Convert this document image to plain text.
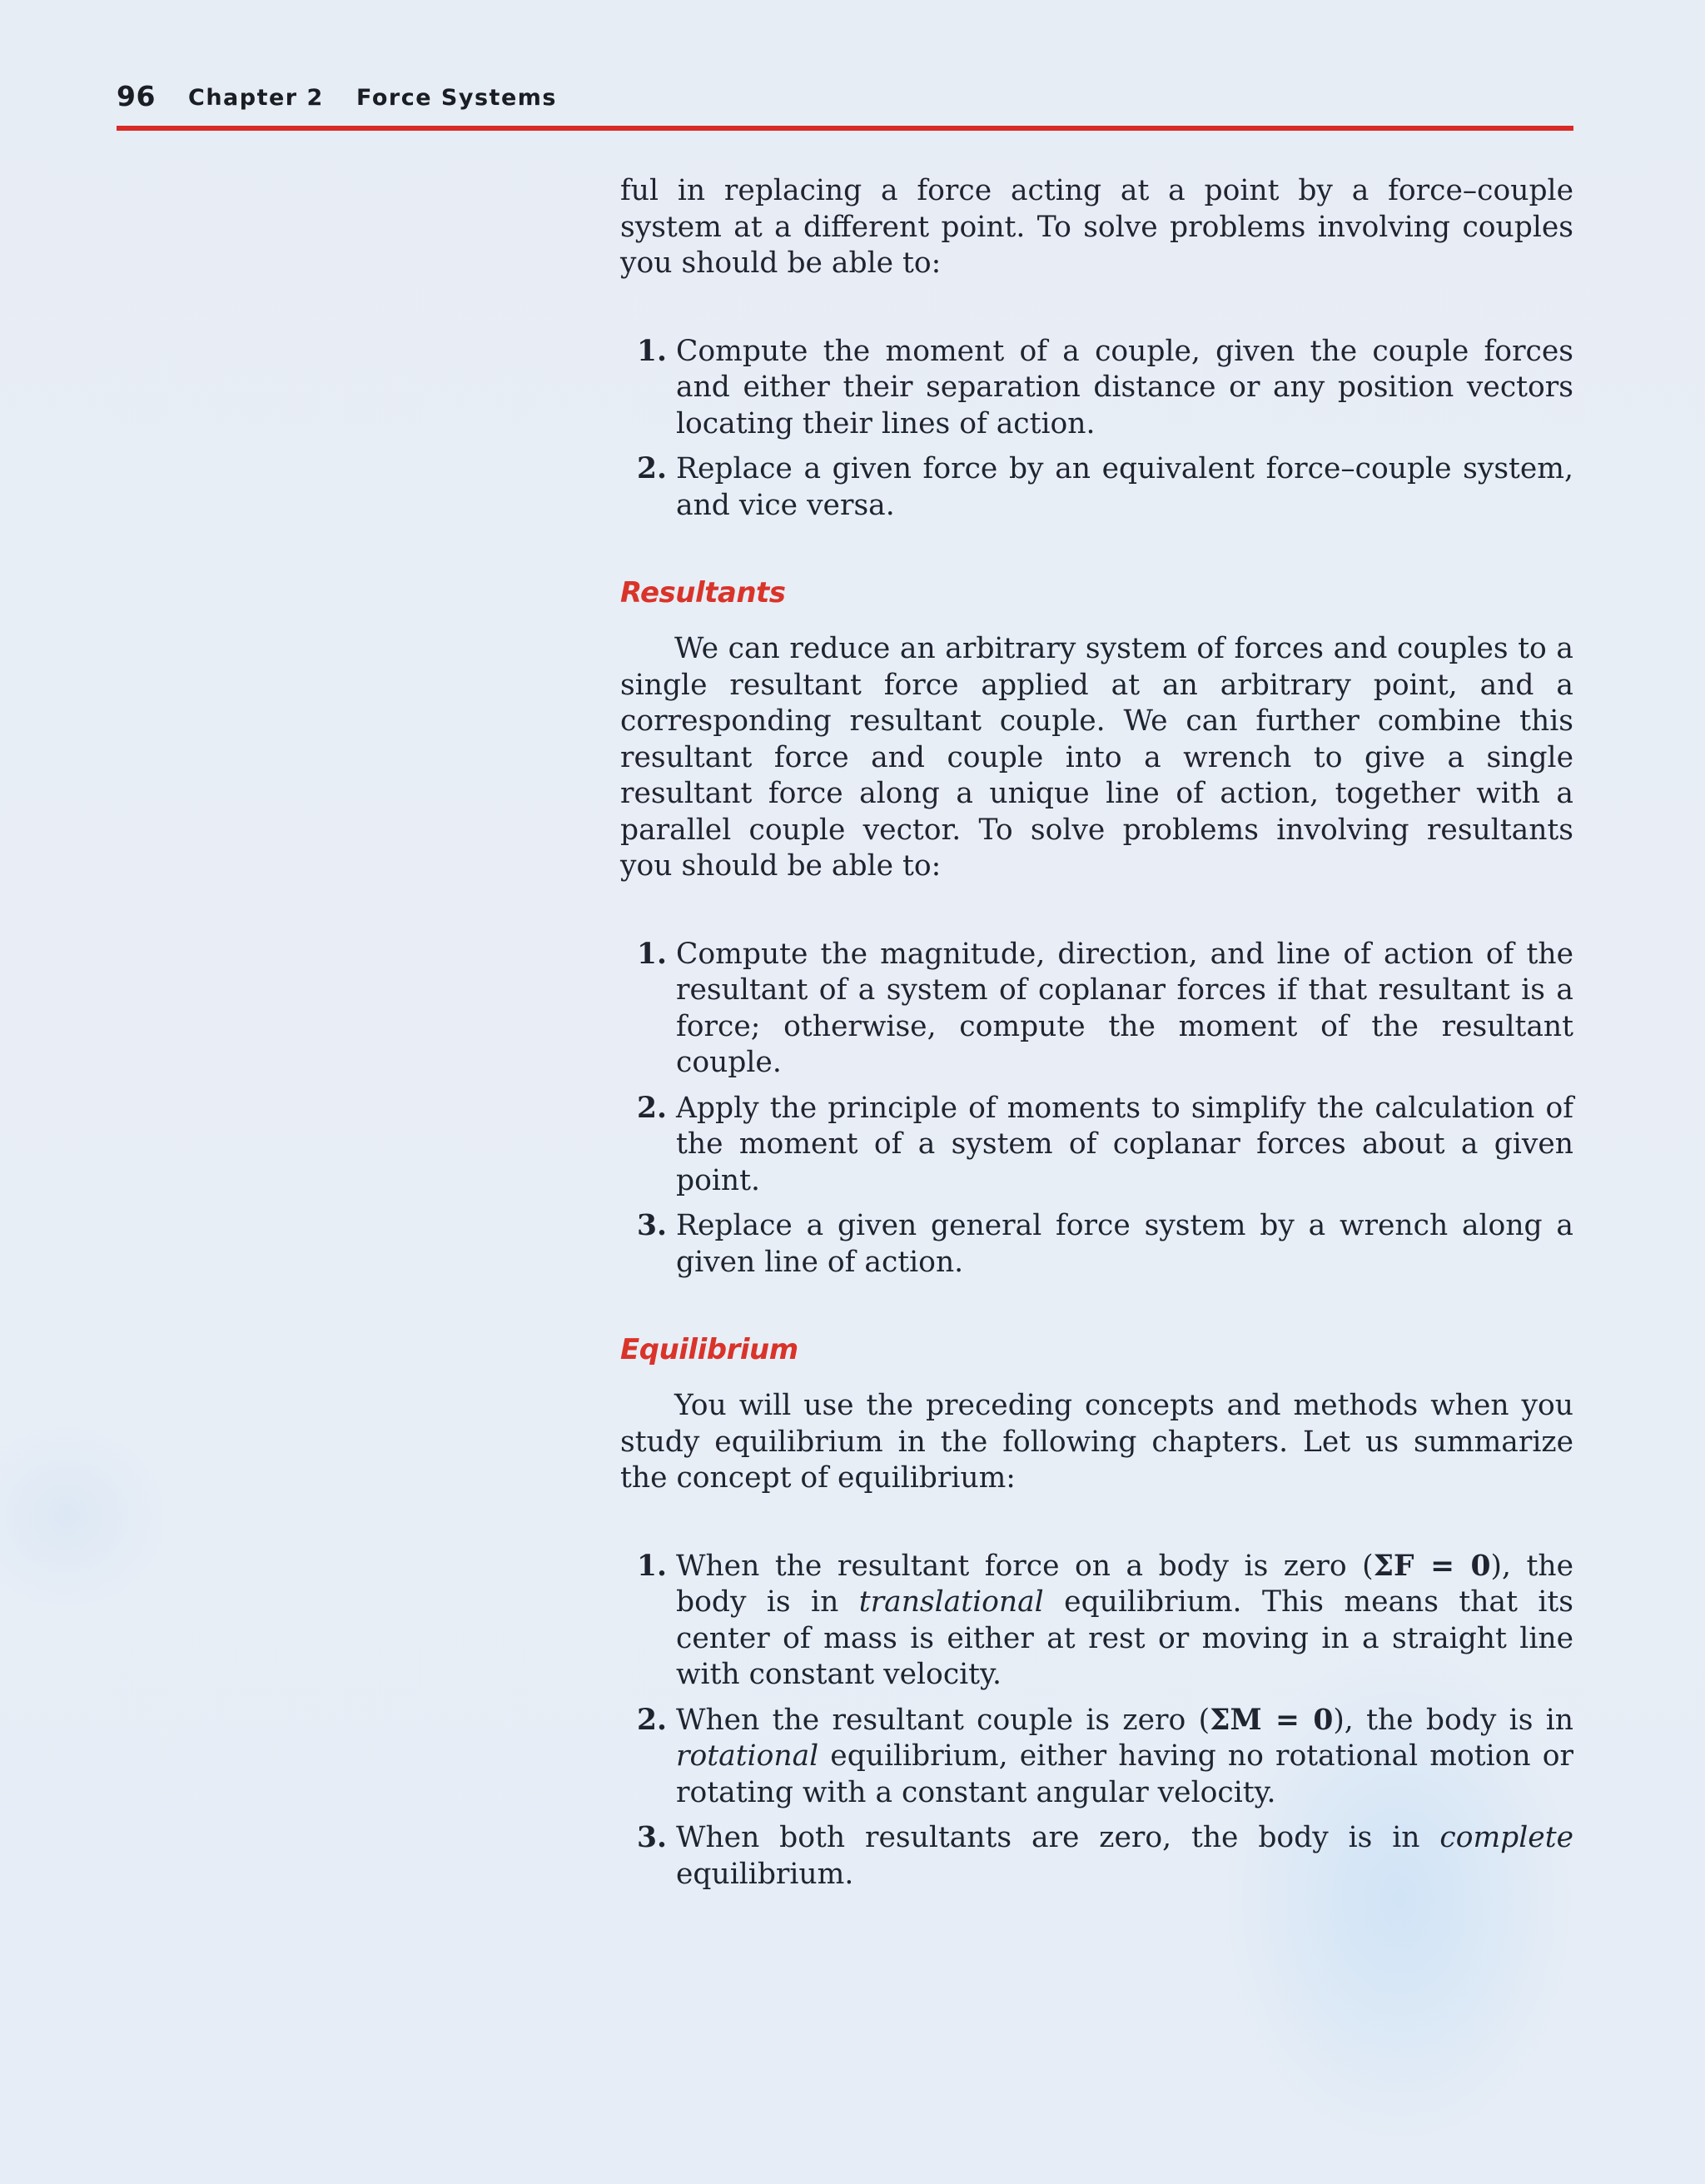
96 Chapter 2 Force Systems

ful in replacing a force acting at a point by a force–couple system at a different point. To solve problems involving couples you should be able to:

1. Compute the moment of a couple, given the couple forces and either their separation distance or any position vectors locating their lines of action.
2. Replace a given force by an equivalent force–couple system, and vice versa.
Resultants

We can reduce an arbitrary system of forces and couples to a single resultant force applied at an arbitrary point, and a corresponding resultant couple. We can further combine this resultant force and couple into a wrench to give a single resultant force along a unique line of action, together with a parallel couple vector. To solve problems involving resultants you should be able to:

1. Compute the magnitude, direction, and line of action of the resultant of a system of coplanar forces if that resultant is a force; otherwise, compute the moment of the resultant couple.
2. Apply the principle of moments to simplify the calculation of the moment of a system of coplanar forces about a given point.
3. Replace a given general force system by a wrench along a given line of action.
Equilibrium

You will use the preceding concepts and methods when you study equilibrium in the following chapters. Let us summarize the concept of equilibrium:

1. When the resultant force on a body is zero (ΣF = 0), the body is in translational equilibrium. This means that its center of mass is either at rest or moving in a straight line with constant velocity.
2. When the resultant couple is zero (ΣM = 0), the body is in rotational equilibrium, either having no rotational motion or rotating with a constant angular velocity.
3. When both resultants are zero, the body is in complete equilibrium.
